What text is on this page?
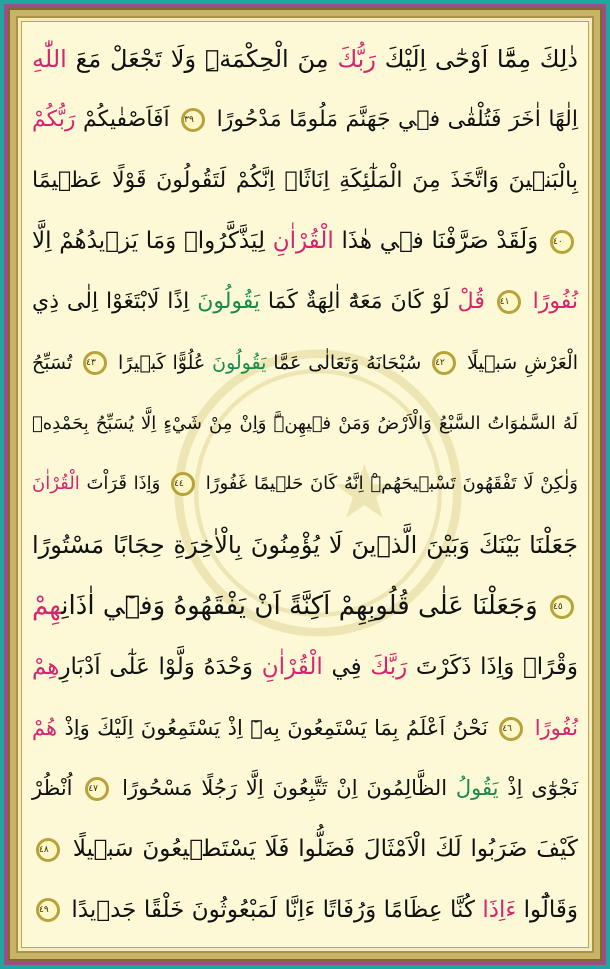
ذٰلِكَ مِمَّٓا اَوْحٰٓى اِلَيْكَ رَبُّكَ مِنَ الْحِكْمَةِۜ وَلَا تَجْعَلْ مَعَ اللّٰهِ
اِلٰهًا اٰخَرَ فَتُلْقٰى ف۪ي جَهَنَّمَ مَلُومًا مَدْحُورًا ٣٩ اَفَاَصْفٰيكُمْ رَبُّكُمْ
بِالْبَن۪ينَ وَاتَّخَذَ مِنَ الْمَلٰٓئِكَةِ اِنَاثًاۜ اِنَّكُمْ لَتَقُولُونَ قَوْلًا عَظ۪يمًا
٤٠ وَلَقَدْ صَرَّفْنَا ف۪ي هٰذَا الْقُرْاٰنِ لِيَذَّكَّرُواۜ وَمَا يَز۪يدُهُمْ اِلَّا
نُفُورًا ٤١ قُلْ لَوْ كَانَ مَعَهُٓ اٰلِهَةٌ كَمَا يَقُولُونَ اِذًا لَابْتَغَوْا اِلٰى ذِي
الْعَرْشِ سَب۪يلًا ٤٢ سُبْحَانَهُ وَتَعَالٰى عَمَّا يَقُولُونَ عُلُوًّا كَب۪يرًا ٤٣ تُسَبِّحُ
لَهُ السَّمٰوَاتُ السَّبْعُ وَالْاَرْضُ وَمَنْ ف۪يهِنَّۜ وَاِنْ مِنْ شَيْءٍ اِلَّا يُسَبِّحُ بِحَمْدِه۪
وَلٰكِنْ لَا تَفْقَهُونَ تَسْب۪يحَهُمْۜ اِنَّهُ كَانَ حَل۪يمًا غَفُورًا ٤٤ وَاِذَا قَرَاْتَ الْقُرْاٰنَ
جَعَلْنَا بَيْنَكَ وَبَيْنَ الَّذ۪ينَ لَا يُؤْمِنُونَ بِالْاٰخِرَةِ حِجَابًا مَسْتُورًا
٤٥ وَجَعَلْنَا عَلٰى قُلُوبِهِمْ اَكِنَّةً اَنْ يَفْقَهُوهُ وَف۪ٓي اٰذَانِهِمْ
وَقْرًاۜ وَاِذَا ذَكَرْتَ رَبَّكَ فِي الْقُرْاٰنِ وَحْدَهُ وَلَّوْا عَلٰٓى اَدْبَارِهِمْ
نُفُورًا ٤٦ نَحْنُ اَعْلَمُ بِمَا يَسْتَمِعُونَ بِه۪ٓ اِذْ يَسْتَمِعُونَ اِلَيْكَ وَاِذْ هُمْ
نَجْوٰٓى اِذْ يَقُولُ الظَّالِمُونَ اِنْ تَتَّبِعُونَ اِلَّا رَجُلًا مَسْحُورًا ٤٧ اُنْظُرْ
كَيْفَ ضَرَبُوا لَكَ الْاَمْثَالَ فَضَلُّوا فَلَا يَسْتَط۪يعُونَ سَب۪يلًا ٤٨
وَقَالُٓوا ءَاِذَا كُنَّا عِظَامًا وَرُفَاتًا ءَاِنَّا لَمَبْعُوثُونَ خَلْقًا جَد۪يدًا ٤٩
